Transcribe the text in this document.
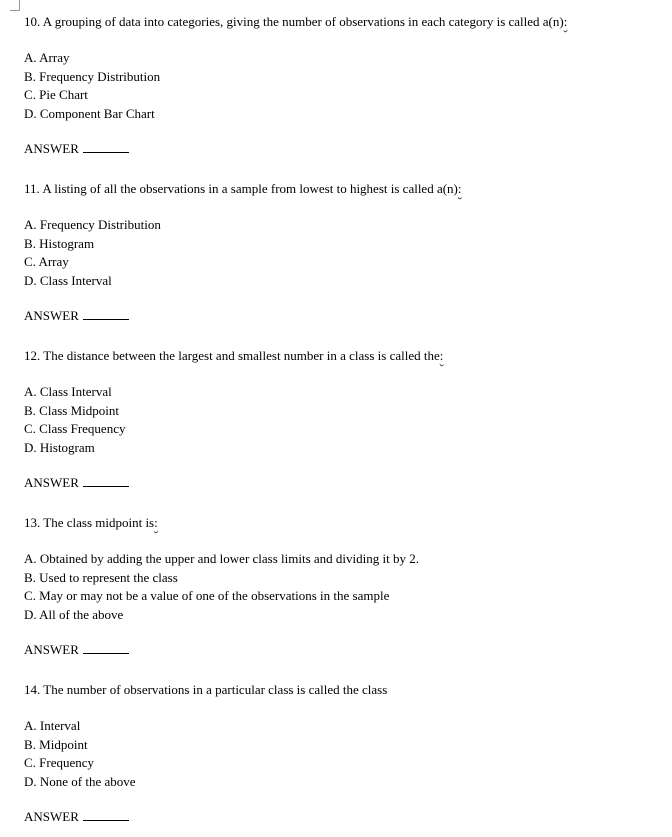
10. A grouping of data into categories, giving the number of observations in each category is called a(n):
A. Array
B. Frequency Distribution
C. Pie Chart
D. Component Bar Chart
ANSWER
11. A listing of all the observations in a sample from lowest to highest is called a(n):
A. Frequency Distribution
B. Histogram
C. Array
D. Class Interval
ANSWER
12. The distance between the largest and smallest number in a class is called the:
A. Class Interval
B. Class Midpoint
C. Class Frequency
D. Histogram
ANSWER
13. The class midpoint is:
A. Obtained by adding the upper and lower class limits and dividing it by 2.
B. Used to represent the class
C. May or may not be a value of one of the observations in the sample
D. All of the above
ANSWER
14. The number of observations in a particular class is called the class
A. Interval
B. Midpoint
C. Frequency
D. None of the above
ANSWER
